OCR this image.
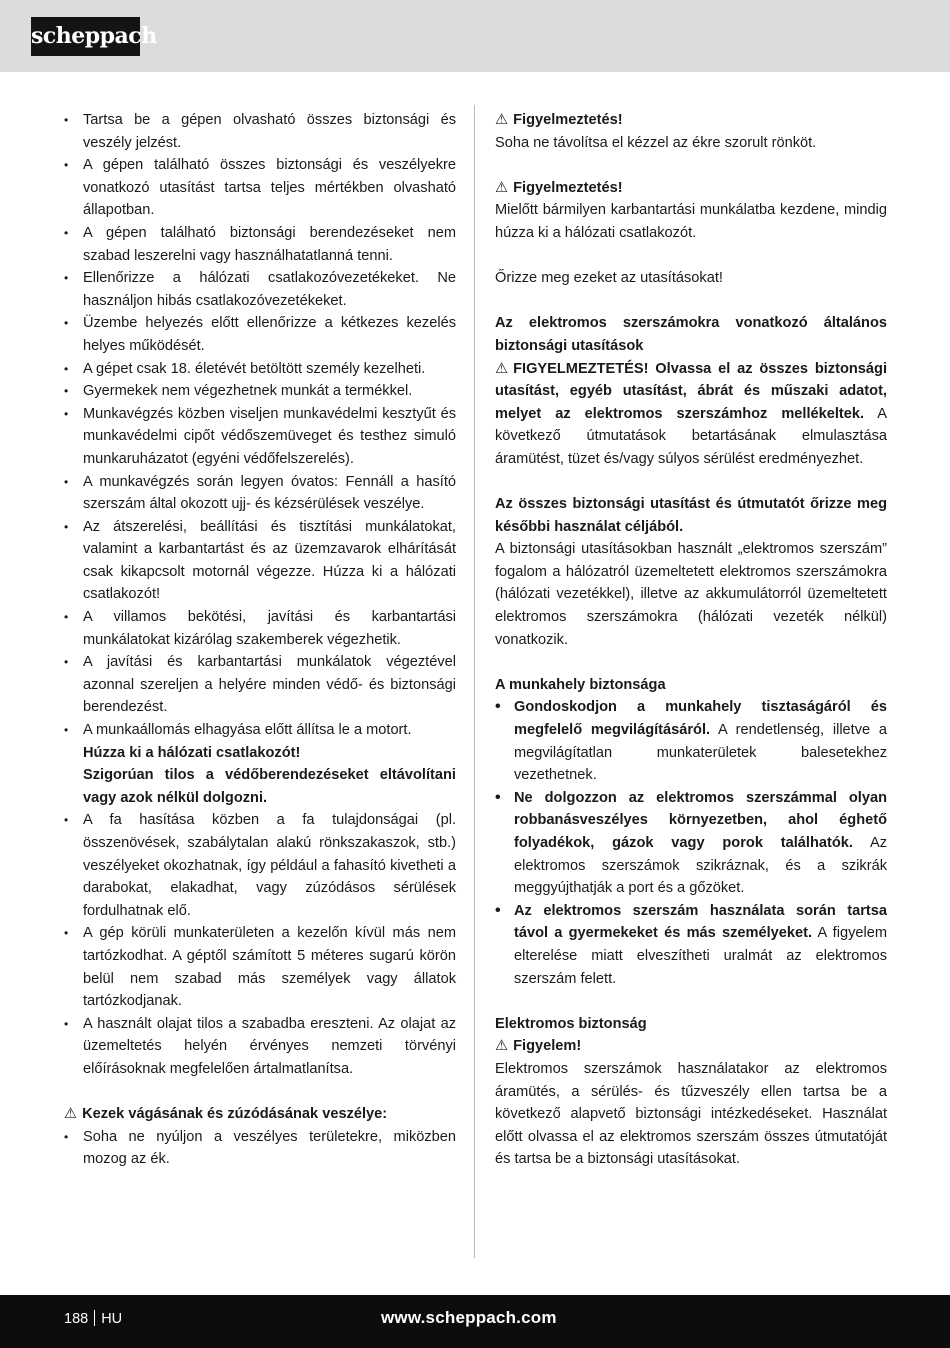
scheppach
• Tartsa be a gépen olvasható összes biztonsági és veszély jelzést.
• A gépen található összes biztonsági és veszélyekre vonatkozó utasítást tartsa teljes mértékben olvasható állapotban.
• A gépen található biztonsági berendezéseket nem szabad leszerelni vagy használhatatlanná tenni.
• Ellenőrizze a hálózati csatlakozóvezetékeket. Ne használjon hibás csatlakozóvezetékeket.
• Üzembe helyezés előtt ellenőrizze a kétkezes kezelés helyes működését.
• A gépet csak 18. életévét betöltött személy kezelheti.
• Gyermekek nem végezhetnek munkát a termékkel.
• Munkavégzés közben viseljen munkavédelmi kesztyűt és munkavédelmi cipőt védőszemüveget és testhez simuló munkaruházatot (egyéni védőfelszerelés).
• A munkavégzés során legyen óvatos: Fennáll a hasító szerszám által okozott ujj- és kézsérülések veszélye.
• Az átszerelési, beállítási és tisztítási munkálatokat, valamint a karbantartást és az üzemzavarok elhárítását csak kikapcsolt motornál végezze. Húzza ki a hálózati csatlakozót!
• A villamos bekötési, javítási és karbantartási munkálatokat kizárólag szakemberek végezhetik.
• A javítási és karbantartási munkálatok végeztével azonnal szereljen a helyére minden védő- és biztonsági berendezést.
• A munkaállomás elhagyása előtt állítsa le a motort.
Húzza ki a hálózati csatlakozót!
Szigorúan tilos a védőberendezéseket eltávolítani vagy azok nélkül dolgozni.
• A fa hasítása közben a fa tulajdonságai (pl. összenövések, szabálytalan alakú rönkszakaszok, stb.) veszélyeket okozhatnak, így például a fahasító kivetheti a darabokat, elakadhat, vagy zúzódásos sérülések fordulhatnak elő.
• A gép körüli munkaterületen a kezelőn kívül más nem tartózkodhat. A géptől számított 5 méteres sugarú körön belül nem szabad más személyek vagy állatok tartózkodjanak.
• A használt olajat tilos a szabadba ereszteni. Az olajat az üzemeltetés helyén érvényes nemzeti törvényi előírásoknak megfelelően ártalmatlanítsa.

⚠ Kezek vágásának és zúzódásának veszélye:

• Soha ne nyúljon a veszélyes területekre, miközben mozog az ék.

⚠ Figyelmeztetés!

Soha ne távolítsa el kézzel az ékre szorult rönköt.

⚠ Figyelmeztetés!

Mielőtt bármilyen karbantartási munkálatba kezdene, mindig húzza ki a hálózati csatlakozót.

Őrizze meg ezeket az utasításokat!

Az elektromos szerszámokra vonatkozó általános biztonsági utasítások

⚠ FIGYELMEZTETÉS! Olvassa el az összes biztonsági utasítást, egyéb utasítást, ábrát és műszaki adatot, melyet az elektromos szerszámhoz mellékeltek. A következő útmutatások betartásának elmulasztása áramütést, tüzet és/vagy súlyos sérülést eredményezhet.

Az összes biztonsági utasítást és útmutatót őrizze meg későbbi használat céljából.

A biztonsági utasításokban használt „elektromos szerszám” fogalom a hálózatról üzemeltetett elektromos szerszámokra (hálózati vezetékkel), illetve az akkumulátorról üzemeltetett elektromos szerszámokra (hálózati vezeték nélkül) vonatkozik.

A munkahely biztonsága

• Gondoskodjon a munkahely tisztaságáról és megfelelő megvilágításáról. A rendetlenség, illetve a megvilágítatlan munkaterületek balesetekhez vezethetnek.
• Ne dolgozzon az elektromos szerszámmal olyan robbanásveszélyes környezetben, ahol éghető folyadékok, gázok vagy porok találhatók. Az elektromos szerszámok szikráznak, és a szikrák meggyújthatják a port és a gőzöket.
• Az elektromos szerszám használata során tartsa távol a gyermekeket és más személyeket. A figyelem elterelése miatt elveszítheti uralmát az elektromos szerszám felett.

Elektromos biztonság

⚠ Figyelem!

Elektromos szerszámok használatakor az elektromos áramütés, a sérülés- és tűzveszély ellen tartsa be a következő alapvető biztonsági intézkedéseket. Használat előtt olvassa el az elektromos szerszám összes útmutatóját és tartsa be a biztonsági utasításokat.

188 HU	www.scheppach.com
